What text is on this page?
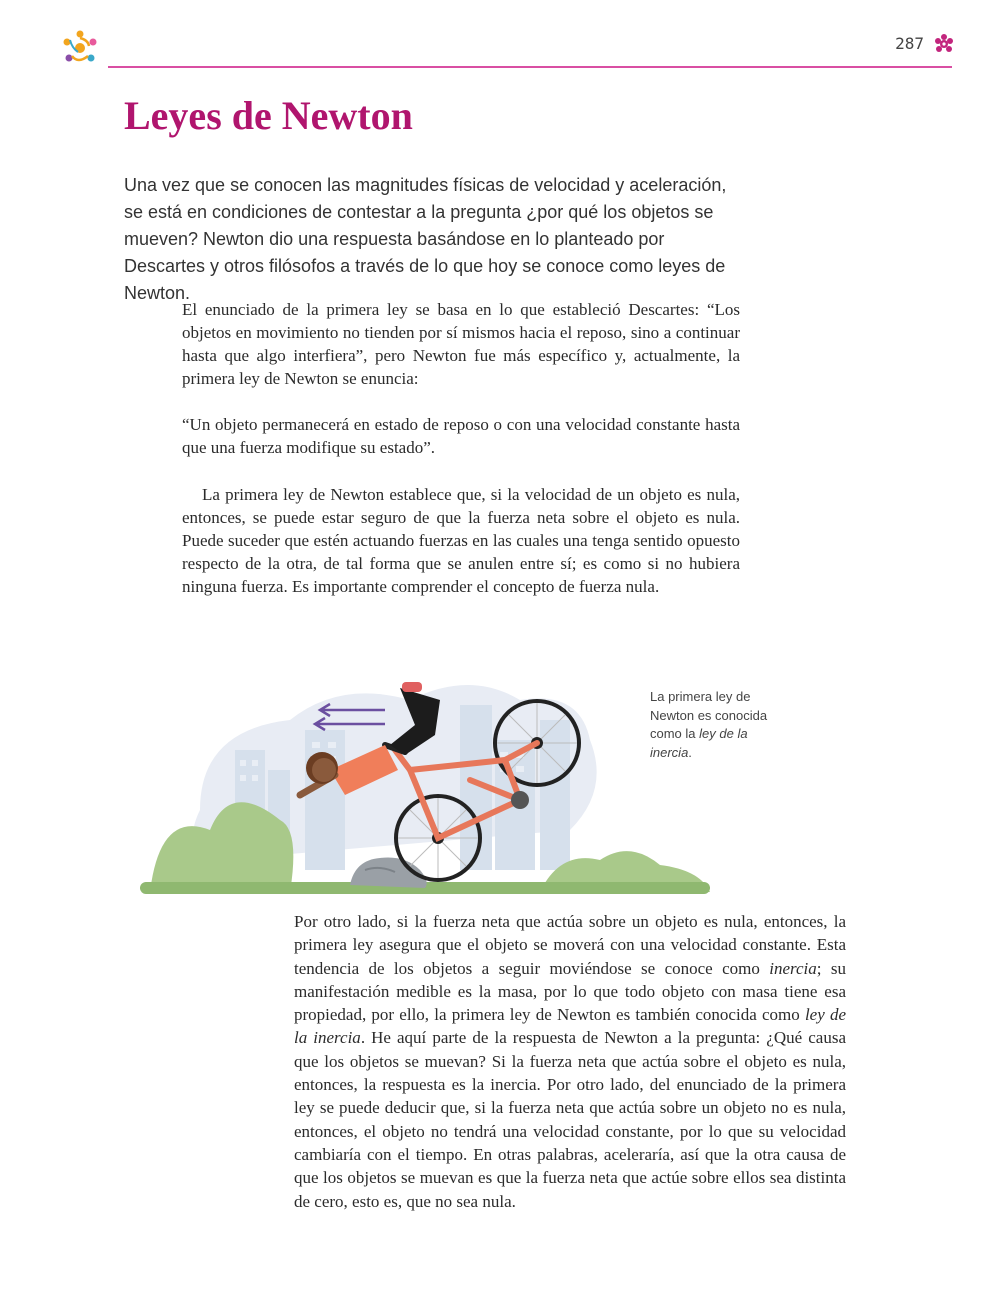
287
Leyes de Newton

Una vez que se conocen las magnitudes físicas de velocidad y aceleración, se está en condiciones de contestar a la pregunta ¿por qué los objetos se mueven? Newton dio una respuesta basándose en lo planteado por Descartes y otros filósofos a través de lo que hoy se conoce como leyes de Newton.

El enunciado de la primera ley se basa en lo que estableció Descartes: “Los objetos en movimiento no tienden por sí mismos hacia el reposo, sino a continuar hasta que algo interfiera”, pero Newton fue más específico y, actualmente, la primera ley de Newton se enuncia:

“Un objeto permanecerá en estado de reposo o con una velocidad constante hasta que una fuerza modifique su estado”.

La primera ley de Newton establece que, si la velocidad de un objeto es nula, entonces, se puede estar seguro de que la fuerza neta sobre el objeto es nula. Puede suceder que estén actuando fuerzas en las cuales una tenga sentido opuesto respecto de la otra, de tal forma que se anulen entre sí; es como si no hubiera ninguna fuerza. Es importante comprender el concepto de fuerza nula.

La primera ley de Newton es conocida como la ley de la inercia.

Por otro lado, si la fuerza neta que actúa sobre un objeto es nula, entonces, la primera ley asegura que el objeto se moverá con una velocidad constante. Esta tendencia de los objetos a seguir moviéndose se conoce como inercia; su manifestación medible es la masa, por lo que todo objeto con masa tiene esa propiedad, por ello, la primera ley de Newton es también conocida como ley de la inercia. He aquí parte de la respuesta de Newton a la pregunta: ¿Qué causa que los objetos se muevan? Si la fuerza neta que actúa sobre el objeto es nula, entonces, la respuesta es la inercia. Por otro lado, del enunciado de la primera ley se puede deducir que, si la fuerza neta que actúa sobre un objeto no es nula, entonces, el objeto no tendrá una velocidad constante, por lo que su velocidad cambiaría con el tiempo. En otras palabras, aceleraría, así que la otra causa de que los objetos se muevan es que la fuerza neta que actúe sobre ellos sea distinta de cero, esto es, que no sea nula.
